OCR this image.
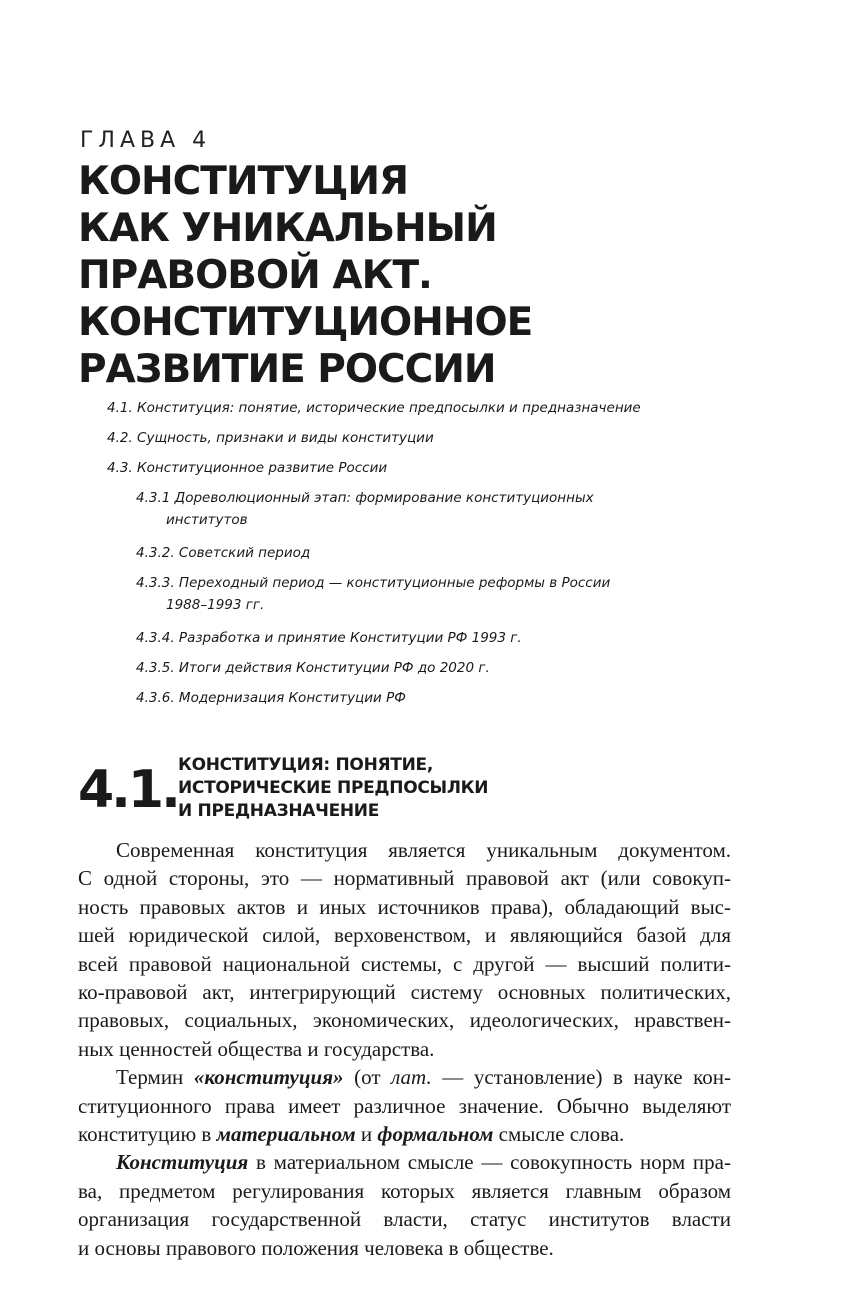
ГЛАВА 4
КОНСТИТУЦИЯ
КАК УНИКАЛЬНЫЙ
ПРАВОВОЙ АКТ.
КОНСТИТУЦИОННОЕ
РАЗВИТИЕ РОССИИ
4.1. Конституция: понятие, исторические предпосылки и предназначение
4.2. Сущность, признаки и виды конституции
4.3. Конституционное развитие России
4.3.1 Дореволюционный этап: формирование конституционных
институтов
4.3.2. Советский период
4.3.3. Переходный период — конституционные реформы в России
1988–1993 гг.
4.3.4. Разработка и принятие Конституции РФ 1993 г.
4.3.5. Итоги действия Конституции РФ до 2020 г.
4.3.6. Модернизация Конституции РФ
4.1. КОНСТИТУЦИЯ: ПОНЯТИЕ,
ИСТОРИЧЕСКИЕ ПРЕДПОСЫЛКИ
И ПРЕДНАЗНАЧЕНИЕ

Современная конституция является уникальным документом.
С одной стороны, это — нормативный правовой акт (или совокуп-
ность правовых актов и иных источников права), обладающий выс-
шей юридической силой, верховенством, и являющийся базой для
всей правовой национальной системы, с другой — высший полити-
ко-правовой акт, интегрирующий систему основных политических,
правовых, социальных, экономических, идеологических, нравствен-
ных ценностей общества и государства.

Термин «конституция» (от лат. — установление) в науке кон-
ституционного права имеет различное значение. Обычно выделяют
конституцию в материальном и формальном смысле слова.

Конституция в материальном смысле — совокупность норм пра-
ва, предметом регулирования которых является главным образом
организация государственной власти, статус институтов власти
и основы правового положения человека в обществе.
